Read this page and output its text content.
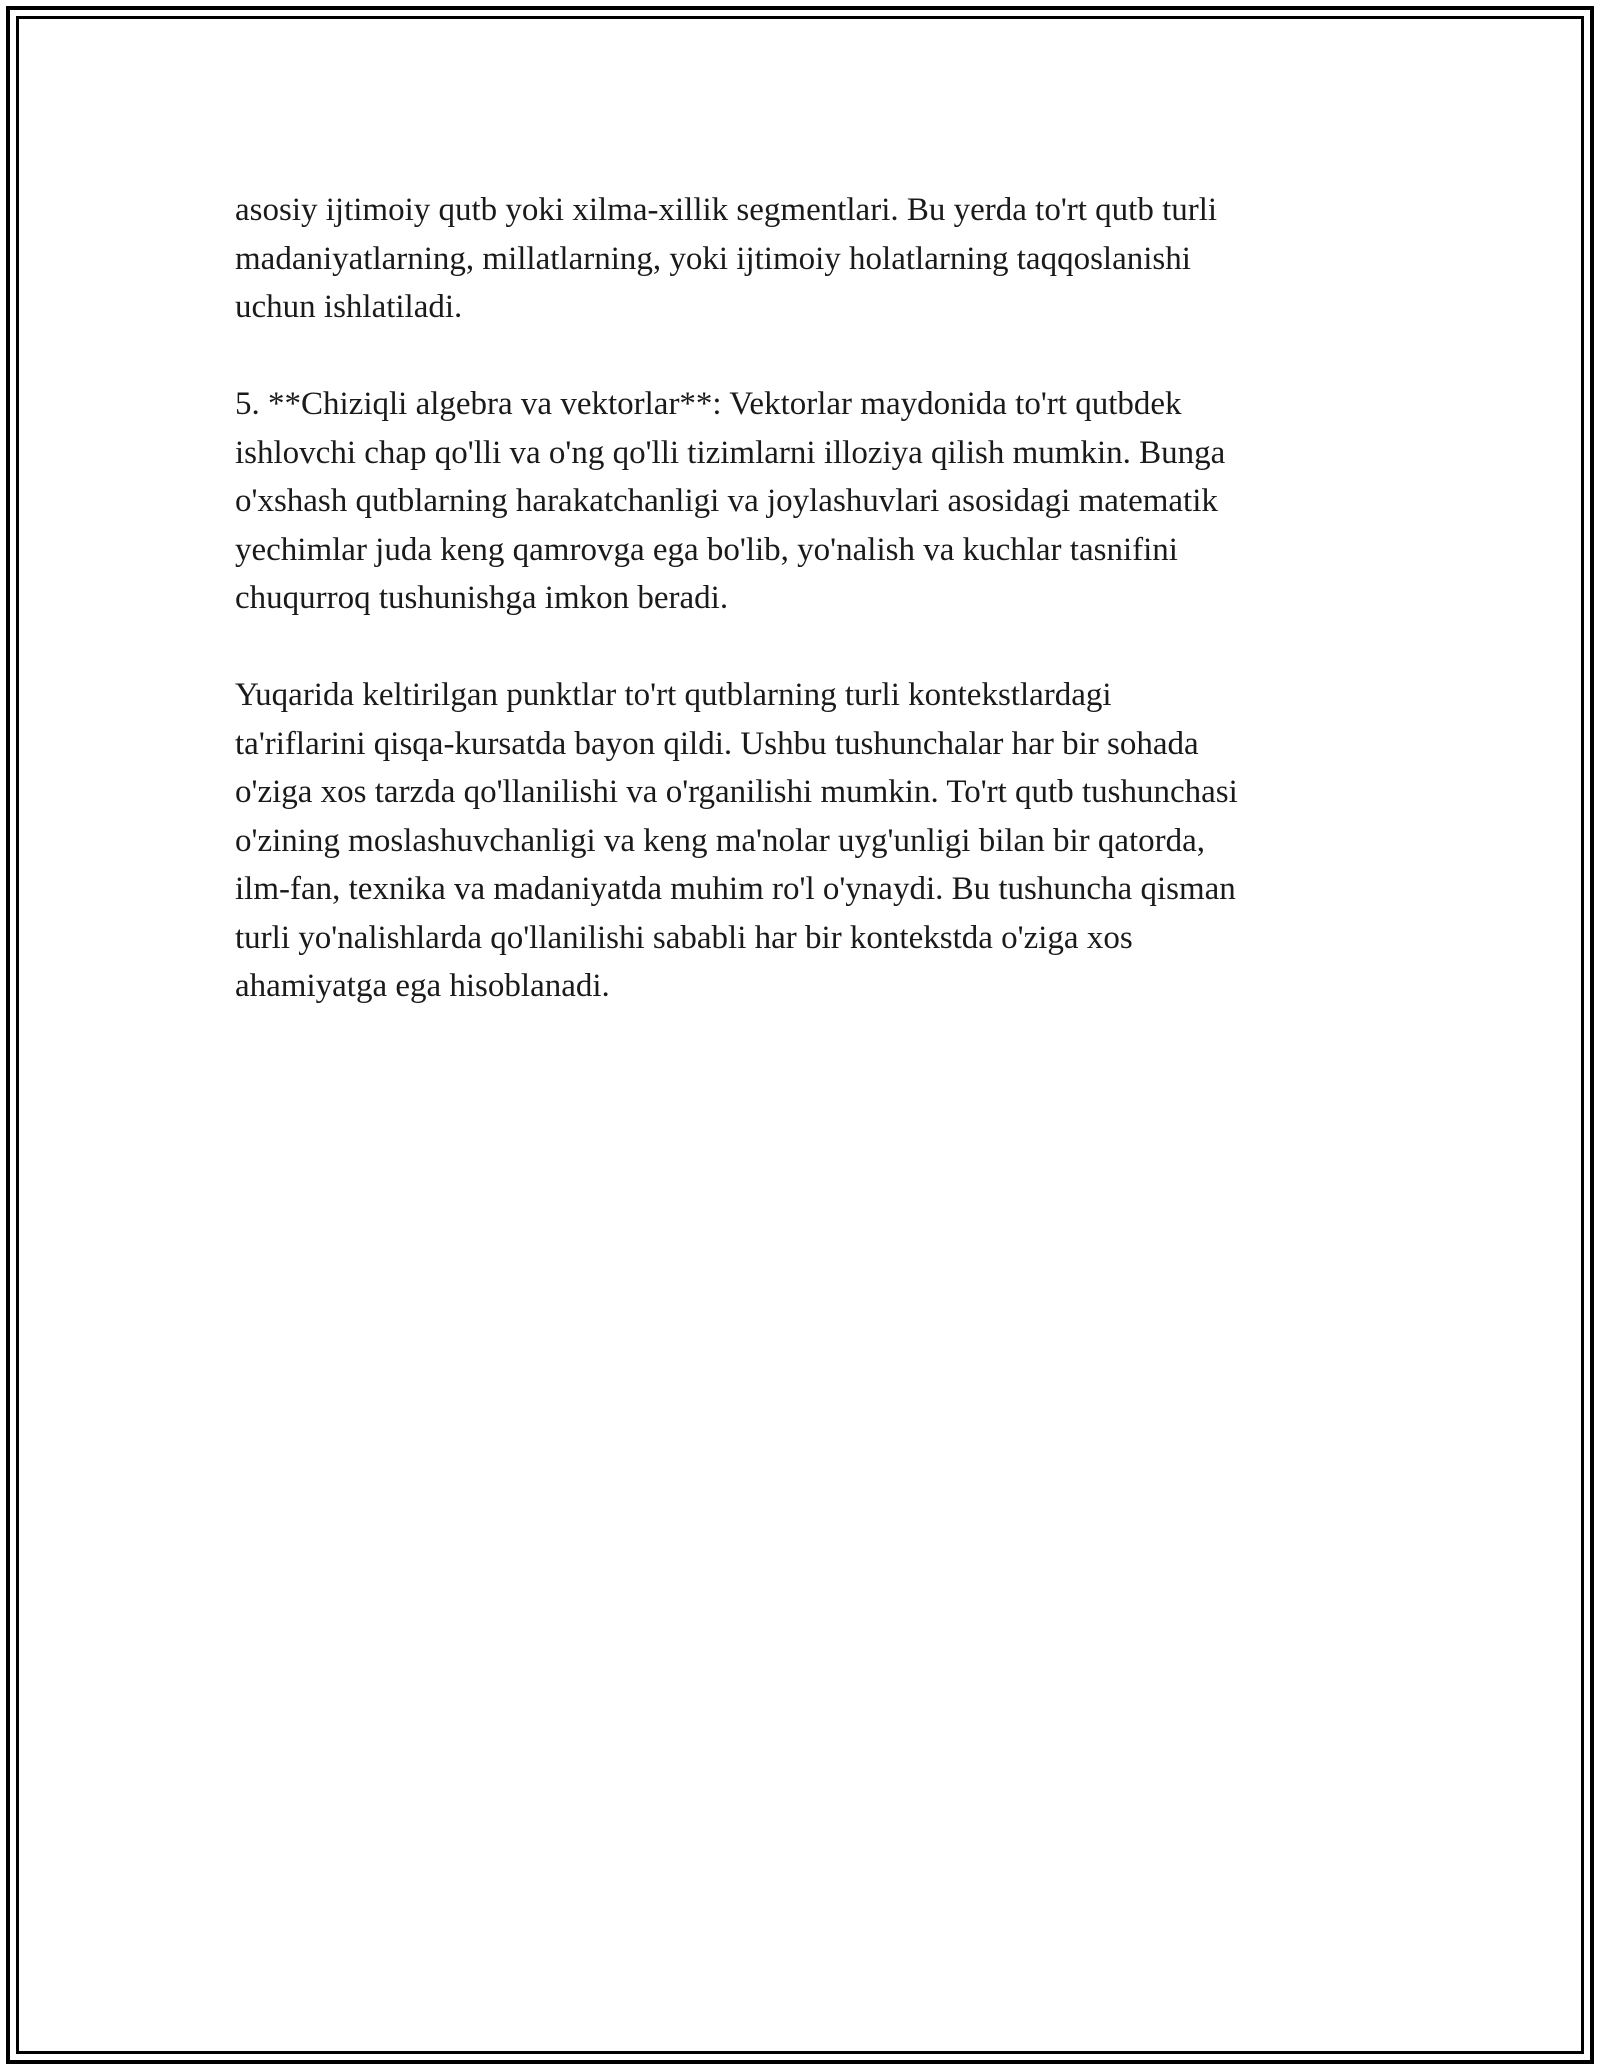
asosiy ijtimoiy qutb yoki xilma-xillik segmentlari. Bu yerda to'rt qutb turli
madaniyatlarning, millatlarning, yoki ijtimoiy holatlarning taqqoslanishi
uchun ishlatiladi.

5. **Chiziqli algebra va vektorlar**: Vektorlar maydonida to'rt qutbdek
ishlovchi chap qo'lli va o'ng qo'lli tizimlarni illoziya qilish mumkin. Bunga
o'xshash qutblarning harakatchanligi va joylashuvlari asosidagi matematik
yechimlar juda keng qamrovga ega bo'lib, yo'nalish va kuchlar tasnifini
chuqurroq tushunishga imkon beradi.

Yuqarida keltirilgan punktlar to'rt qutblarning turli kontekstlardagi
ta'riflarini qisqa-kursatda bayon qildi. Ushbu tushunchalar har bir sohada
o'ziga xos tarzda qo'llanilishi va o'rganilishi mumkin. To'rt qutb tushunchasi
o'zining moslashuvchanligi va keng ma'nolar uyg'unligi bilan bir qatorda,
ilm-fan, texnika va madaniyatda muhim ro'l o'ynaydi. Bu tushuncha qisman
turli yo'nalishlarda qo'llanilishi sababli har bir kontekstda o'ziga xos
ahamiyatga ega hisoblanadi.
